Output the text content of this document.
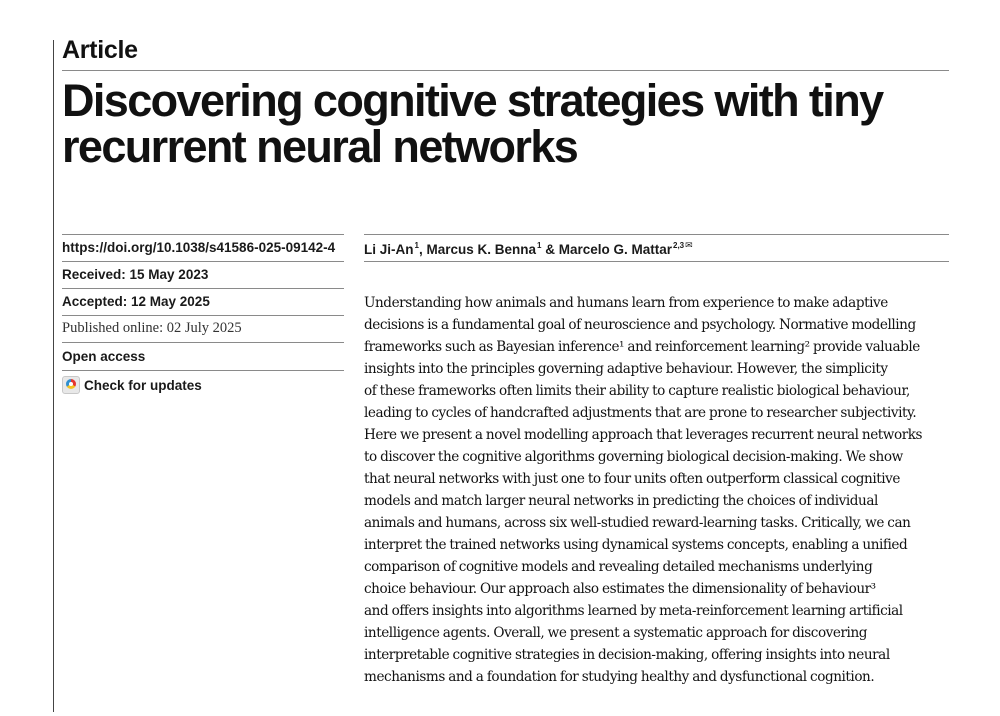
Article
Discovering cognitive strategies with tiny
recurrent neural networks
https://doi.org/10.1038/s41586-025-09142-4
Received: 15 May 2023
Accepted: 12 May 2025
Published online: 02 July 2025
Open access
Check for updates
Li Ji-An$^1$, Marcus K. Benna$^1$ & Marcelo G. Mattar$^{2,3✉}$
Understanding how animals and humans learn from experience to make adaptive
decisions is a fundamental goal of neuroscience and psychology. Normative modelling
frameworks such as Bayesian inference¹ and reinforcement learning² provide valuable
insights into the principles governing adaptive behaviour. However, the simplicity
of these frameworks often limits their ability to capture realistic biological behaviour,
leading to cycles of handcrafted adjustments that are prone to researcher subjectivity.
Here we present a novel modelling approach that leverages recurrent neural networks
to discover the cognitive algorithms governing biological decision-making. We show
that neural networks with just one to four units often outperform classical cognitive
models and match larger neural networks in predicting the choices of individual
animals and humans, across six well-studied reward-learning tasks. Critically, we can
interpret the trained networks using dynamical systems concepts, enabling a unified
comparison of cognitive models and revealing detailed mechanisms underlying
choice behaviour. Our approach also estimates the dimensionality of behaviour³
and offers insights into algorithms learned by meta-reinforcement learning artificial
intelligence agents. Overall, we present a systematic approach for discovering
interpretable cognitive strategies in decision-making, offering insights into neural
mechanisms and a foundation for studying healthy and dysfunctional cognition.
